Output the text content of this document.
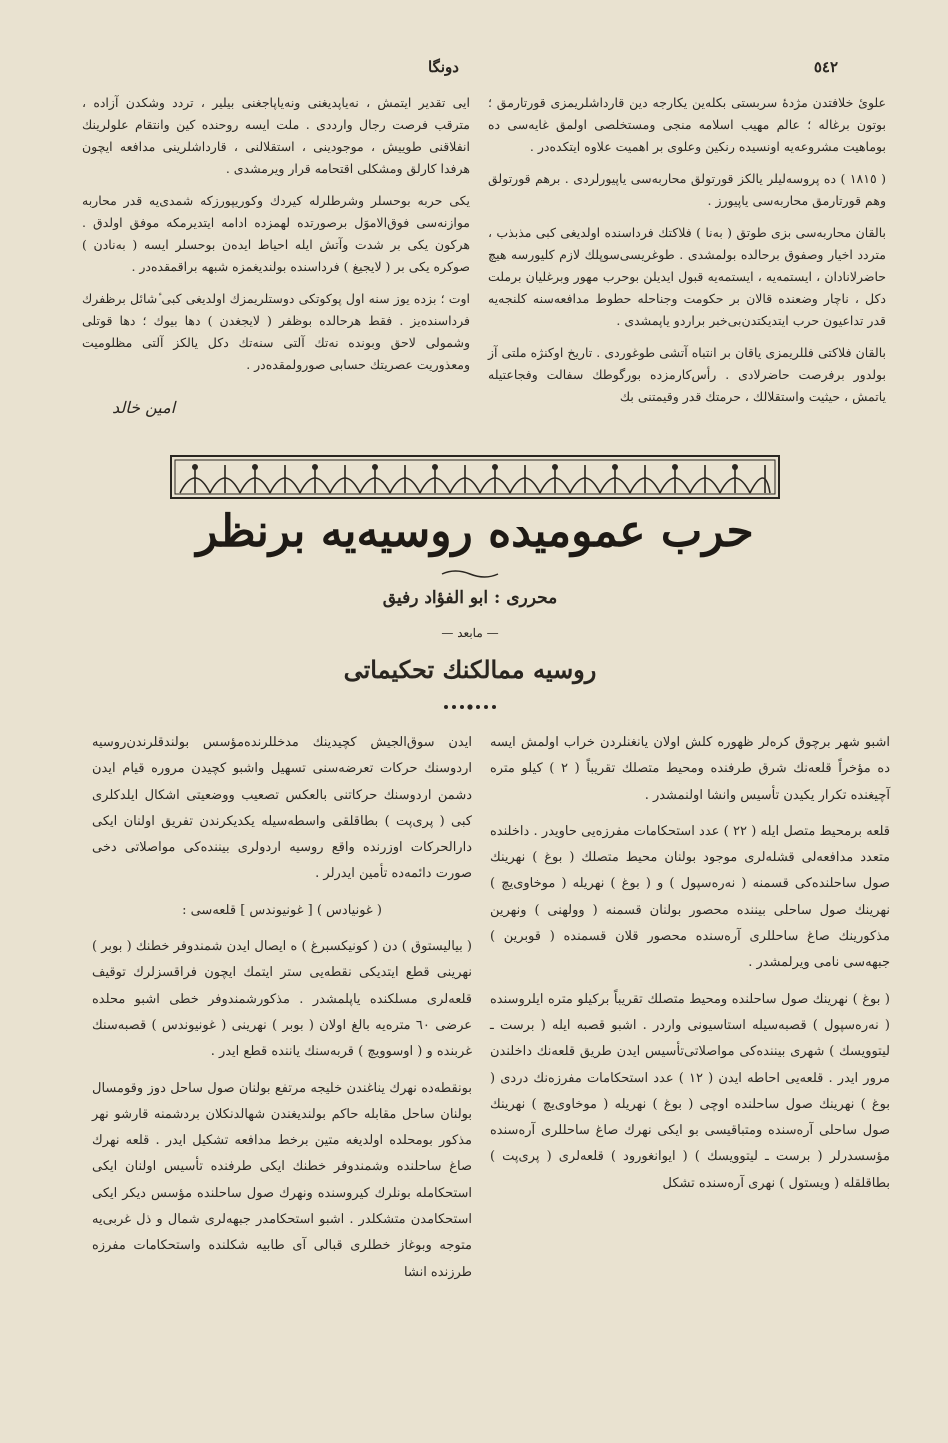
٥٤٢
دونگا

علوى‌ٔ خلافتدن مژدهٔ سربستی بكلەین یكارجه دین قارداشلریمزی قورتارمق ؛ بوتون برغاله ؛ عالم مهیب اسلامه منجی ومستخلصی اولمق غایه‌سی ده بوماهیت مشروعه‌یه اونسیده رنكین وعلوی بر اهمیت علاوه ایتكده‌در .

( ١٨١٥ ) ده پروسه‌لیلر یالكز قورتولق محاربه‌سی یاپیورلردی . برهم قورتولق وهم قورتارمق محاربه‌سی یاپیورز .

بالقان محاربه‌سی بزی طوتق ( بەنا ) فلاكتك فرداسنده اولدیغی كبی مذبذب ، متردد اخیار وصفوق برحالده بولمشدی . طوغریسی‌سوپلك لازم كلیورسه هیچ حاضرلانادان ، ایستمه‌یه ، ایستمه‌یه قبول ایدیلن بوحرب مهور وبرغلیان برملت دكل ، ناچار وضعنده قالان بر حكومت وجناحله حطوط مدافعه‌سنه كلنجه‌یه قدر تداعیون حرب ایتدیكتدن‌بی‌خبر براردو یاپمشدی .

بالقان فلاكتی فللریمزی یاقان بر انتباه آتشی طوغوردی . تاریخ اوكنژه ملتی آز بولدور برفرصت حاضرلادی . رأس‌كارمزده بورگوطك سفالت وفجاعتیله یاتمش ، حیثیت واستقلالك ، حرمتك قدر وقیمتنی بك

ایی تقدیر ایتمش ، نەیاپدیغنی ونەیاپاجغنی بیلیر ، تردد وشكدن آزاده ، مترقب فرصت رجال وارددی . ملت ایسه روحنده كین وانتقام علولرینك انفلاقنی طوییش ، موجودینی ، استقلالنی ، قارداشلرینی مدافعه ایچون هرفدا كارلق ومشكلی اقتحامه قرار ویرمشدی .

یكی حربه بوحسلر وشرطلرله كیردك وكوریپورزكه شمدی‌یه قدر محاربه موازنه‌سی فوق‌الاموَل برصورتده لهمزده ادامه ایتدیرمكه موفق اولدق . هركون یكی بر شدت وآتش ایله احیاط ایدەن بوحسلر ایسه ( بەنادن ) صوكره یكی بر ( لایجیغ ) فرداسنده بولندیغمزه شبهه براقمقده‌در .

اوت ؛ بزده یوز سنه اول پوكوتكی دوستلریمزك اولدیغی كبی ٔشائل برظفرك فرداسنده‌یز . فقط هرحالده بوظفر ( لایجغدن ) دها بیوك ؛ دها قوتلی وشمولی لاحق وبونده نه‌تك آلتی سنه‌تك دكل یالكز آلتی مظلومیت ومعذوریت عصریتك حسابی صورولمقده‌در .

امین خالد
حرب عمومیده روسیه‌یه برنظر
محرری : ابو الفؤاد رفیق
— مابعد —
روسیه ممالكنك تحكیماتی

اشبو شهر برچوق كره‌لر ظهوره كلش اولان یانغنلردن خراب اولمش ایسه ده مؤخراً قلعه‌نك شرق طرفنده ومحیط متصلك تقریباً ( ٢ ) كیلو متره آچیغنده تكرار یكیدن تأسیس وانشا اولنمشدر .

قلعه برمحیط متصل ایله ( ٢٢ ) عدد استحكامات مفرزه‌یی حاویدر . داخلنده متعدد مدافعه‌لی قشله‌لری موجود بولنان محیط متصلك ( بوغ ) نهرینك صول ساحلنده‌كی قسمنه ( نه‌رەسپول ) و ( بوغ ) نهریله ( موخاوی‌یچ ) نهرینك صول ساحلی بیننده محصور بولنان قسمنه ( وولهنی ) ونهرین مذكورینك صاغ ساحللری آره‌سنده محصور قلان قسمنده ( قوبرین ) جبهه‌سی نامی ویرلمشدر .

( بوغ ) نهرینك صول ساحلنده ومحیط متصلك تقریباً برکیلو متره ایلروسنده ( نه‌رەسپول ) قصبه‌سیله استاسیونی واردر . اشبو قصبه ایله ( برست ـ لیتوویسك ) شهری بیننده‌كی مواصلاتی‌تأسیس ایدن طریق قلعه‌نك داخلندن مرور ایدر . قلعه‌یی احاطه ایدن ( ١٢ ) عدد استحكامات مفرزه‌نك دردی ( بوغ ) نهرینك صول ساحلنده اوچی ( بوغ ) نهریله ( موخاوی‌یچ ) نهرینك صول ساحلی آره‌سنده ومتباقیسی بو ایكی نهرك صاغ ساحللری آره‌سنده مؤسسدرلر ( برست ـ لیتوویسك ) ( ایوانغورود ) قلعه‌لری ( پری‌پت ) بطاقلقله ( ویستول ) نهری آره‌سنده تشكل

ایدن سوق‌الجیش كچیدینك مدخللرنده‌مؤسس بولندقلرندن‌روسیه اردوسنك حركات تعرضه‌سنی تسهیل واشبو كچیدن مروره قیام ایدن دشمن اردوسنك حركاتنی بالعكس تصعیب ووضعیتی اشكال ایلدكلری كبی ( پری‌پت ) بطاقلقی واسطه‌سیله یكدیكرندن تفریق اولنان ایكی دارالحركات اوزرنده واقع روسیه اردولری بیننده‌كی مواصلاتی دخی صورت دائمه‌ده تأمین ایدرلر .

( غونیادس ) [ غونیوندس ] قلعه‌سی :

( بیالیستوق ) دن ( كونیكسبرغ ) ه ایصال ایدن شمندوفر خطنك ( بوبر ) نهرینی قطع ایتدیكی نقطه‌یی ستر ایتمك ایچون فراقسزلرك توقیف قلعه‌لری مسلكنده یاپلمشدر . مذكورشمندوفر خطی اشبو محلده عرضی ٦٠ متره‌یه بالغ اولان ( بوبر ) نهرینی ( غونیوندس ) قصبه‌سنك غربنده و ( اوسوویچ ) قربه‌سنك یاننده قطع ایدر .

بونقطه‌ده نهرك یناغندن خلیجه مرتفع بولنان صول ساحل دوز وقومسال بولنان ساحل مقابله حاكم بولندیغندن شهالدنكلان بردشمنه قارشو نهر مذكور بومحلده اولدیغه متین برخط مدافعه تشكیل ایدر . قلعه نهرك صاغ ساحلنده وشمندوفر خطنك ایكی طرفنده تأسیس اولنان ایكی استحكامله بونلرك كیروسنده ونهرك صول ساحلنده مؤسس دیكر ایكی استحكامدن متشكلدر . اشبو استحكامدر جبهه‌لری شمال و ذل غربی‌یه متوجه وبوغاز خطلری قبالی آی طابیه شكلنده واستحكامات مفرزه طرزنده انشا
